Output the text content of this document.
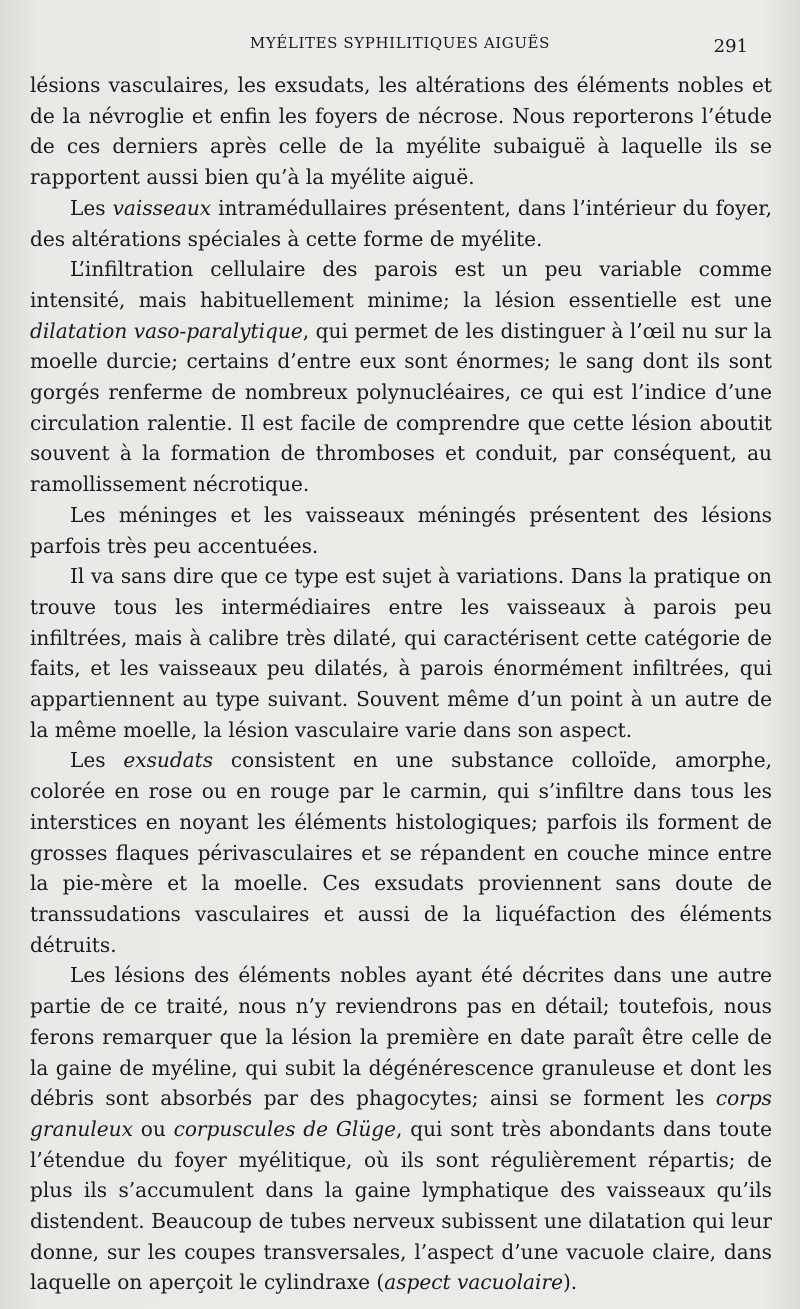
MYÉLITES SYPHILITIQUES AIGUËS	291

lésions vasculaires, les exsudats, les altérations des éléments nobles et de la névroglie et enfin les foyers de nécrose. Nous reporterons l’étude de ces derniers après celle de la myélite subaiguë à laquelle ils se rapportent aussi bien qu’à la myélite aiguë.

Les vaisseaux intramédullaires présentent, dans l’intérieur du foyer, des altérations spéciales à cette forme de myélite.

L’infiltration cellulaire des parois est un peu variable comme intensité, mais habituellement minime; la lésion essentielle est une dilatation vaso-paralytique, qui permet de les distinguer à l’œil nu sur la moelle durcie; certains d’entre eux sont énormes; le sang dont ils sont gorgés renferme de nombreux polynucléaires, ce qui est l’indice d’une circulation ralentie. Il est facile de comprendre que cette lésion aboutit souvent à la formation de thromboses et conduit, par conséquent, au ramollissement nécrotique.

Les méninges et les vaisseaux méningés présentent des lésions parfois très peu accentuées.

Il va sans dire que ce type est sujet à variations. Dans la pratique on trouve tous les intermédiaires entre les vaisseaux à parois peu infiltrées, mais à calibre très dilaté, qui caractérisent cette catégorie de faits, et les vaisseaux peu dilatés, à parois énormément infiltrées, qui appartiennent au type suivant. Souvent même d’un point à un autre de la même moelle, la lésion vasculaire varie dans son aspect.

Les exsudats consistent en une substance colloïde, amorphe, colorée en rose ou en rouge par le carmin, qui s’infiltre dans tous les interstices en noyant les éléments histologiques; parfois ils forment de grosses flaques périvasculaires et se répandent en couche mince entre la pie-mère et la moelle. Ces exsudats proviennent sans doute de transsudations vasculaires et aussi de la liquéfaction des éléments détruits.

Les lésions des éléments nobles ayant été décrites dans une autre partie de ce traité, nous n’y reviendrons pas en détail; toutefois, nous ferons remarquer que la lésion la première en date paraît être celle de la gaine de myéline, qui subit la dégénérescence granuleuse et dont les débris sont absorbés par des phagocytes; ainsi se forment les corps granuleux ou corpuscules de Glüge, qui sont très abondants dans toute l’étendue du foyer myélitique, où ils sont régulièrement répartis; de plus ils s’accumulent dans la gaine lymphatique des vaisseaux qu’ils distendent. Beaucoup de tubes nerveux subissent une dilatation qui leur donne, sur les coupes transversales, l’aspect d’une vacuole claire, dans laquelle on aperçoit le cylindraxe (aspect vacuolaire).
